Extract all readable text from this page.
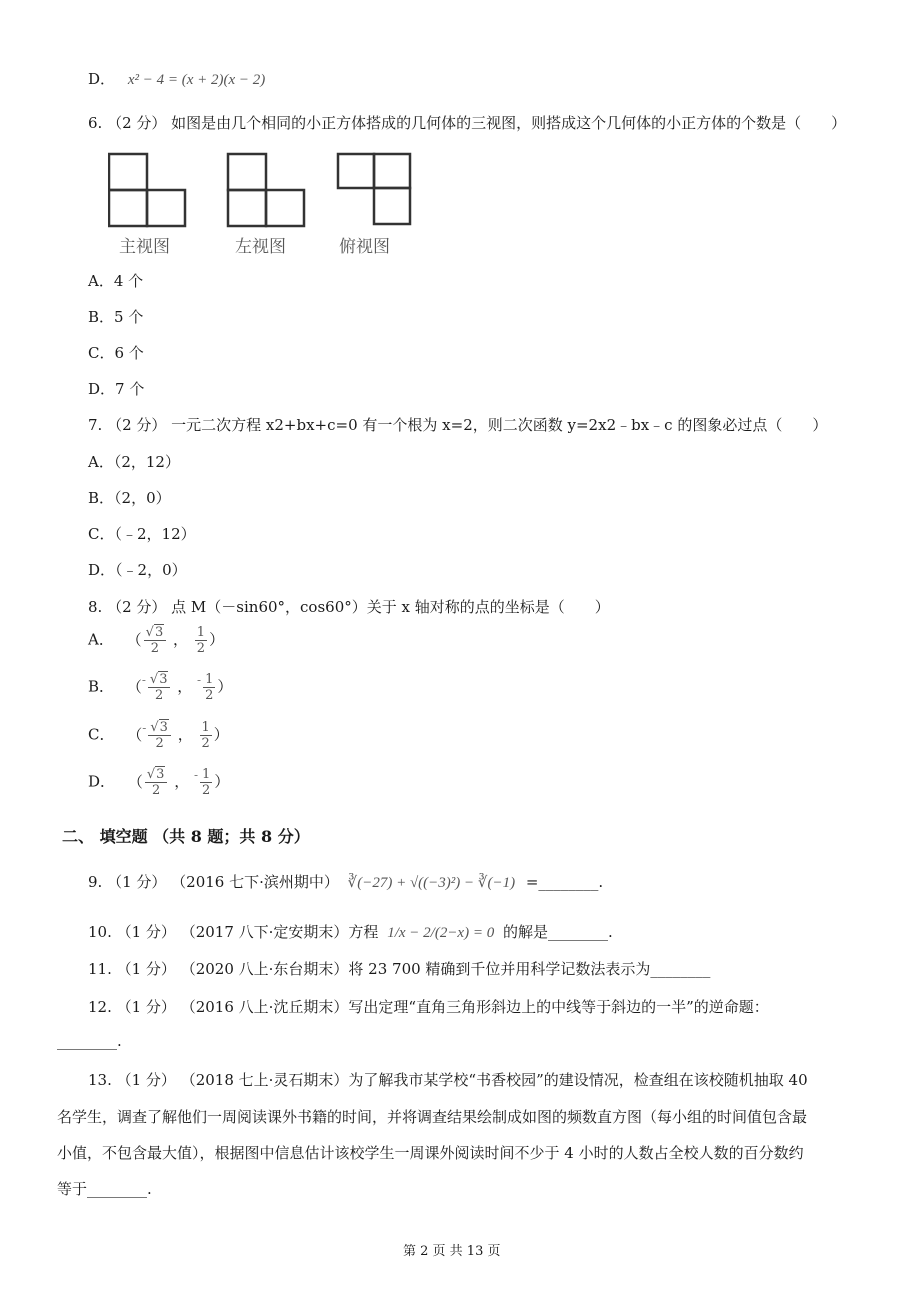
D． x² − 4 = (x + 2)(x − 2)
6. （2 分） 如图是由几个相同的小正方体搭成的几何体的三视图，则搭成这个几何体的小正方体的个数是（　　）
主视图	左视图	俯视图
A．4 个
B．5 个
C．6 个
D．7 个
7. （2 分） 一元二次方程 x2+bx+c=0 有一个根为 x=2，则二次函数 y=2x2﹣bx﹣c 的图象必过点（　　）
A．（2，12）
B．（2，0）
C．（﹣2，12）
D．（﹣2，0）
8. （2 分） 点 M（－sin60°，cos60°）关于 x 轴对称的点的坐标是（　　）
A． （ $\frac{√3}{2}$ ， $\frac{1}{2}$ ）
B． （$^- \frac{√3}{2}$ ， $^- \frac{1}{2}$ ）
C． （$^- \frac{√3}{2}$ ， $\frac{1}{2}$ ）
D． （ $\frac{√3}{2}$ ， $^- \frac{1}{2}$ ）
二、 填空题 （共 8 题；共 8 分）
9. （1 分） （2016 七下·滨州期中） ∛(−27) + √((−3)²) − ∛(−1) =________.
10. （1 分） （2017 八下·定安期末）方程 1/x − 2/(2−x) = 0 的解是________.
11. （1 分） （2020 八上·东台期末）将 23 700 精确到千位并用科学记数法表示为________
12. （1 分） （2016 八上·沈丘期末）写出定理“直角三角形斜边上的中线等于斜边的一半”的逆命题：
________.
13. （1 分） （2018 七上·灵石期末）为了解我市某学校“书香校园”的建设情况，检查组在该校随机抽取 40
名学生，调查了解他们一周阅读课外书籍的时间，并将调查结果绘制成如图的频数直方图（每小组的时间值包含最
小值，不包含最大值），根据图中信息估计该校学生一周课外阅读时间不少于 4 小时的人数占全校人数的百分数约
等于________.
第 2 页 共 13 页
